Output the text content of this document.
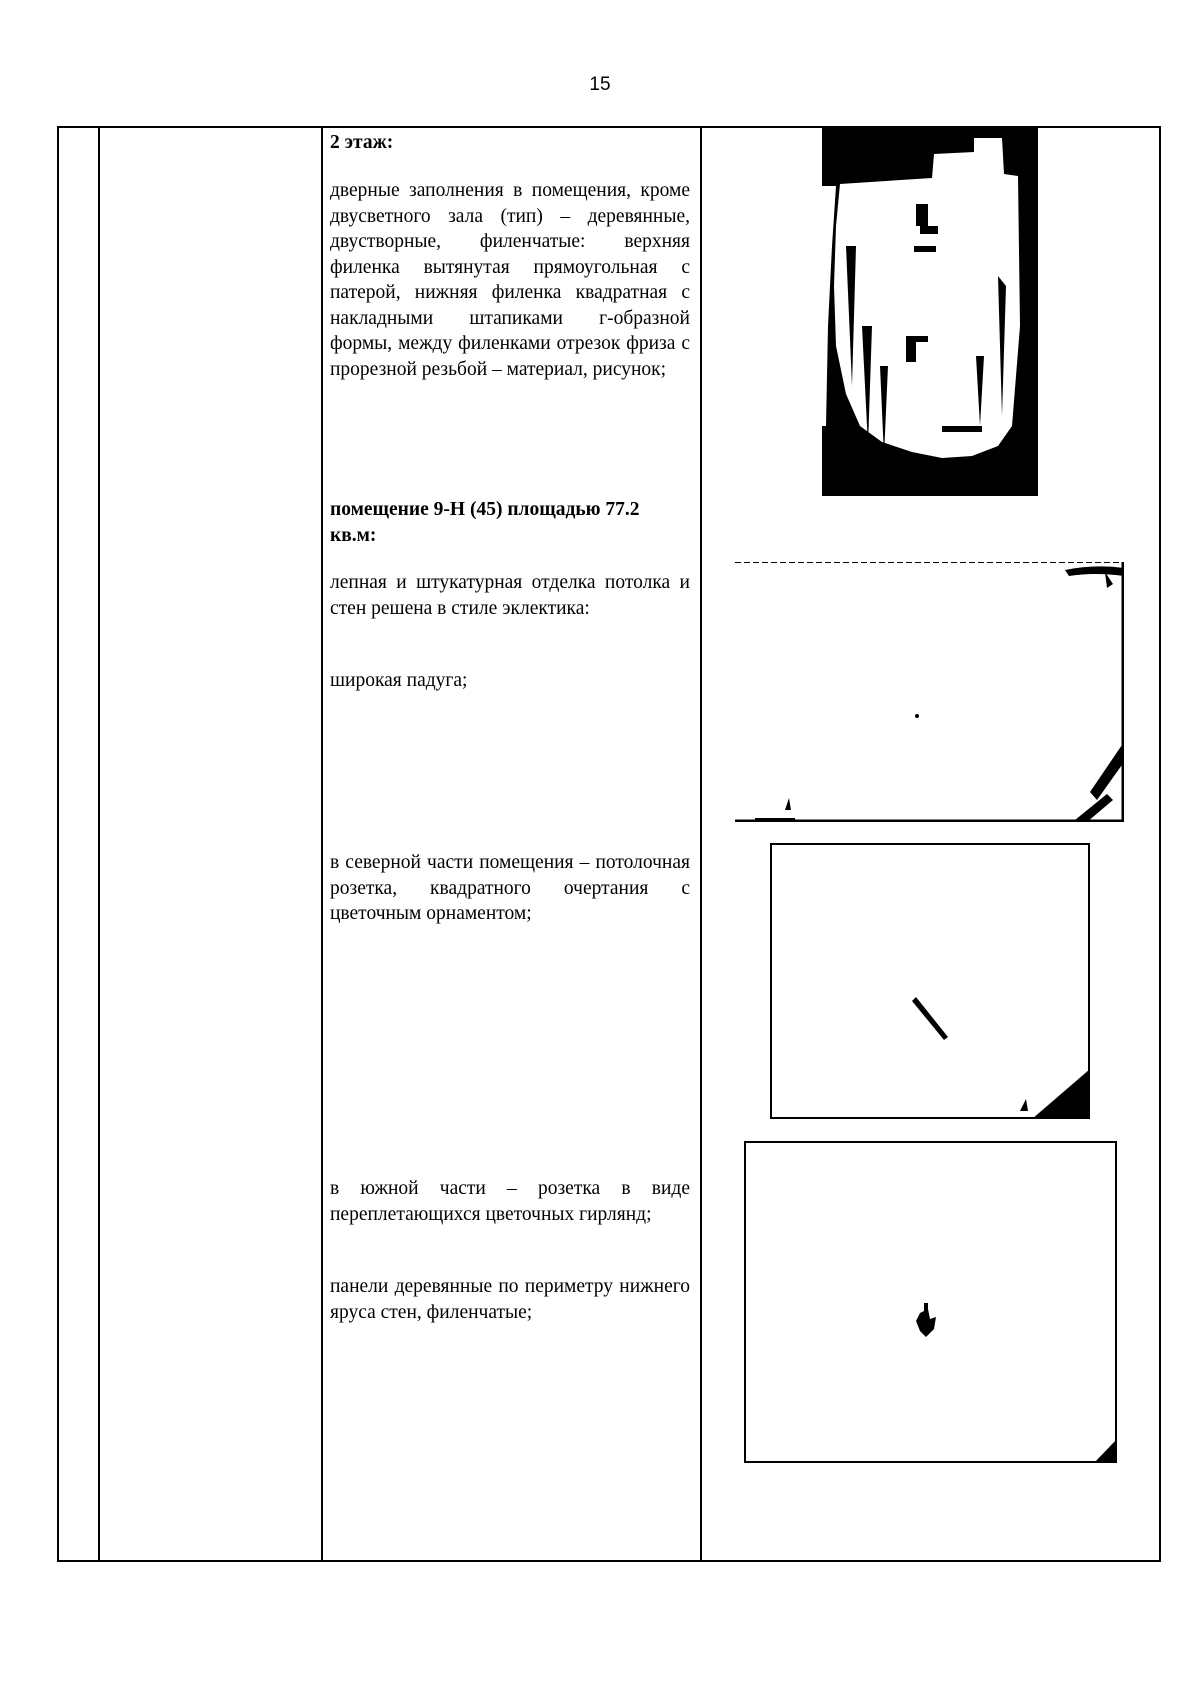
15
2 этаж:
дверные заполнения в помещения, кроме двусветного зала (тип) – деревянные, двустворные, филенчатые: верхняя филенка вытянутая прямоугольная с патерой, нижняя филенка квадратная с накладными штапиками г-образной формы, между филенками отрезок фриза с прорезной резьбой – материал, рисунок;
помещение 9-Н (45) площадью 77.2 кв.м:
лепная и штукатурная отделка потолка и стен решена в стиле эклектика:
широкая падуга;
в северной части помещения – потолочная розетка, квадратного очертания с цветочным орнаментом;
в южной части – розетка в виде переплетающихся цветочных гирлянд;
панели деревянные по периметру нижнего яруса стен, филенчатые;
